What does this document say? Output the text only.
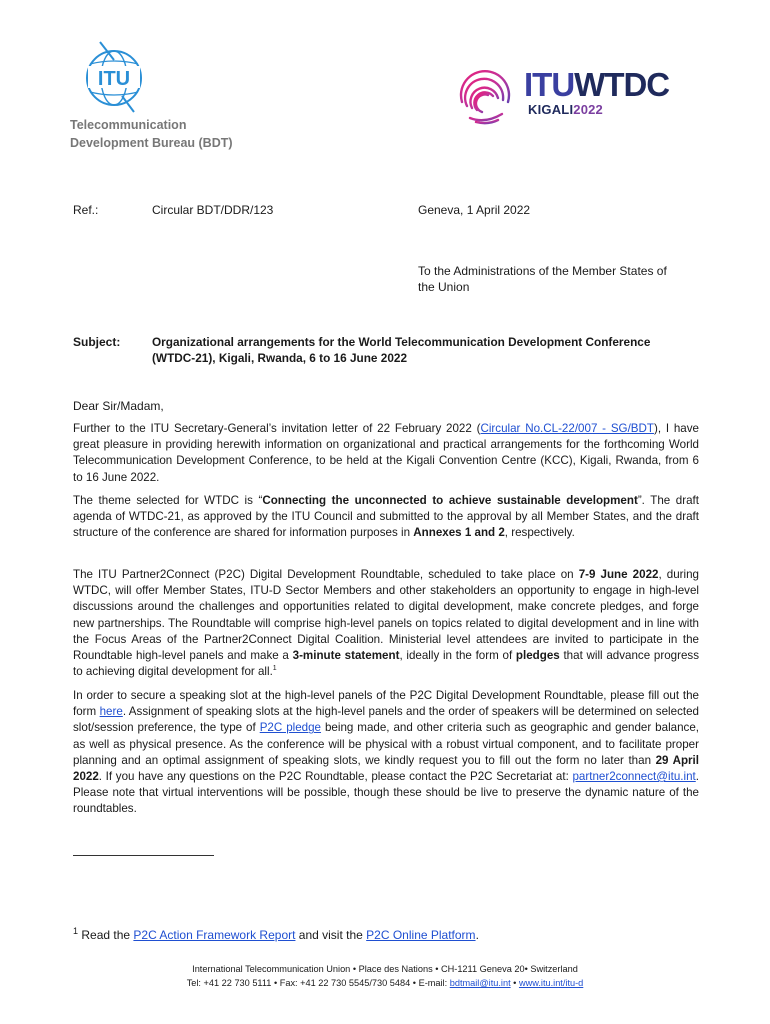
ITU	ITUWTDC
KIGALI2022
Telecommunication
Development Bureau (BDT)
Ref.:	Circular BDT/DDR/123	Geneva, 1 April 2022
To the Administrations of the Member States of
the Union
Subject:	Organizational arrangements for the World Telecommunication Development Conference
(WTDC-21), Kigali, Rwanda, 6 to 16 June 2022
Dear Sir/Madam,

Further to the ITU Secretary-General’s invitation letter of 22 February 2022 (Circular No.CL-22/007 - SG/BDT), I have great pleasure in providing herewith information on organizational and practical arrangements for the forthcoming World Telecommunication Development Conference, to be held at the Kigali Convention Centre (KCC), Kigali, Rwanda, from 6 to 16 June 2022.

The theme selected for WTDC is “Connecting the unconnected to achieve sustainable development”. The draft agenda of WTDC-21, as approved by the ITU Council and submitted to the approval by all Member States, and the draft structure of the conference are shared for information purposes in Annexes 1 and 2, respectively.

The ITU Partner2Connect (P2C) Digital Development Roundtable, scheduled to take place on 7-9 June 2022, during WTDC, will offer Member States, ITU-D Sector Members and other stakeholders an opportunity to engage in high-level discussions around the challenges and opportunities related to digital development, make concrete pledges, and forge new partnerships. The Roundtable will comprise high-level panels on topics related to digital development and in line with the Focus Areas of the Partner2Connect Digital Coalition. Ministerial level attendees are invited to participate in the Roundtable high-level panels and make a 3-minute statement, ideally in the form of pledges that will advance progress to achieving digital development for all.$^1$

In order to secure a speaking slot at the high-level panels of the P2C Digital Development Roundtable, please fill out the form here. Assignment of speaking slots at the high-level panels and the order of speakers will be determined on selected slot/session preference, the type of P2C pledge being made, and other criteria such as geographic and gender balance, as well as physical presence. As the conference will be physical with a robust virtual component, and to facilitate proper planning and an optimal assignment of speaking slots, we kindly request you to fill out the form no later than 29 April 2022. If you have any questions on the P2C Roundtable, please contact the P2C Secretariat at: partner2connect@itu.int. Please note that virtual interventions will be possible, though these should be live to preserve the dynamic nature of the roundtables.

$^1$ Read the P2C Action Framework Report and visit the P2C Online Platform.
International Telecommunication Union • Place des Nations • CH-1211 Geneva 20• Switzerland
Tel: +41 22 730 5111 • Fax: +41 22 730 5545/730 5484 • E-mail: bdtmail@itu.int • www.itu.int/itu-d
